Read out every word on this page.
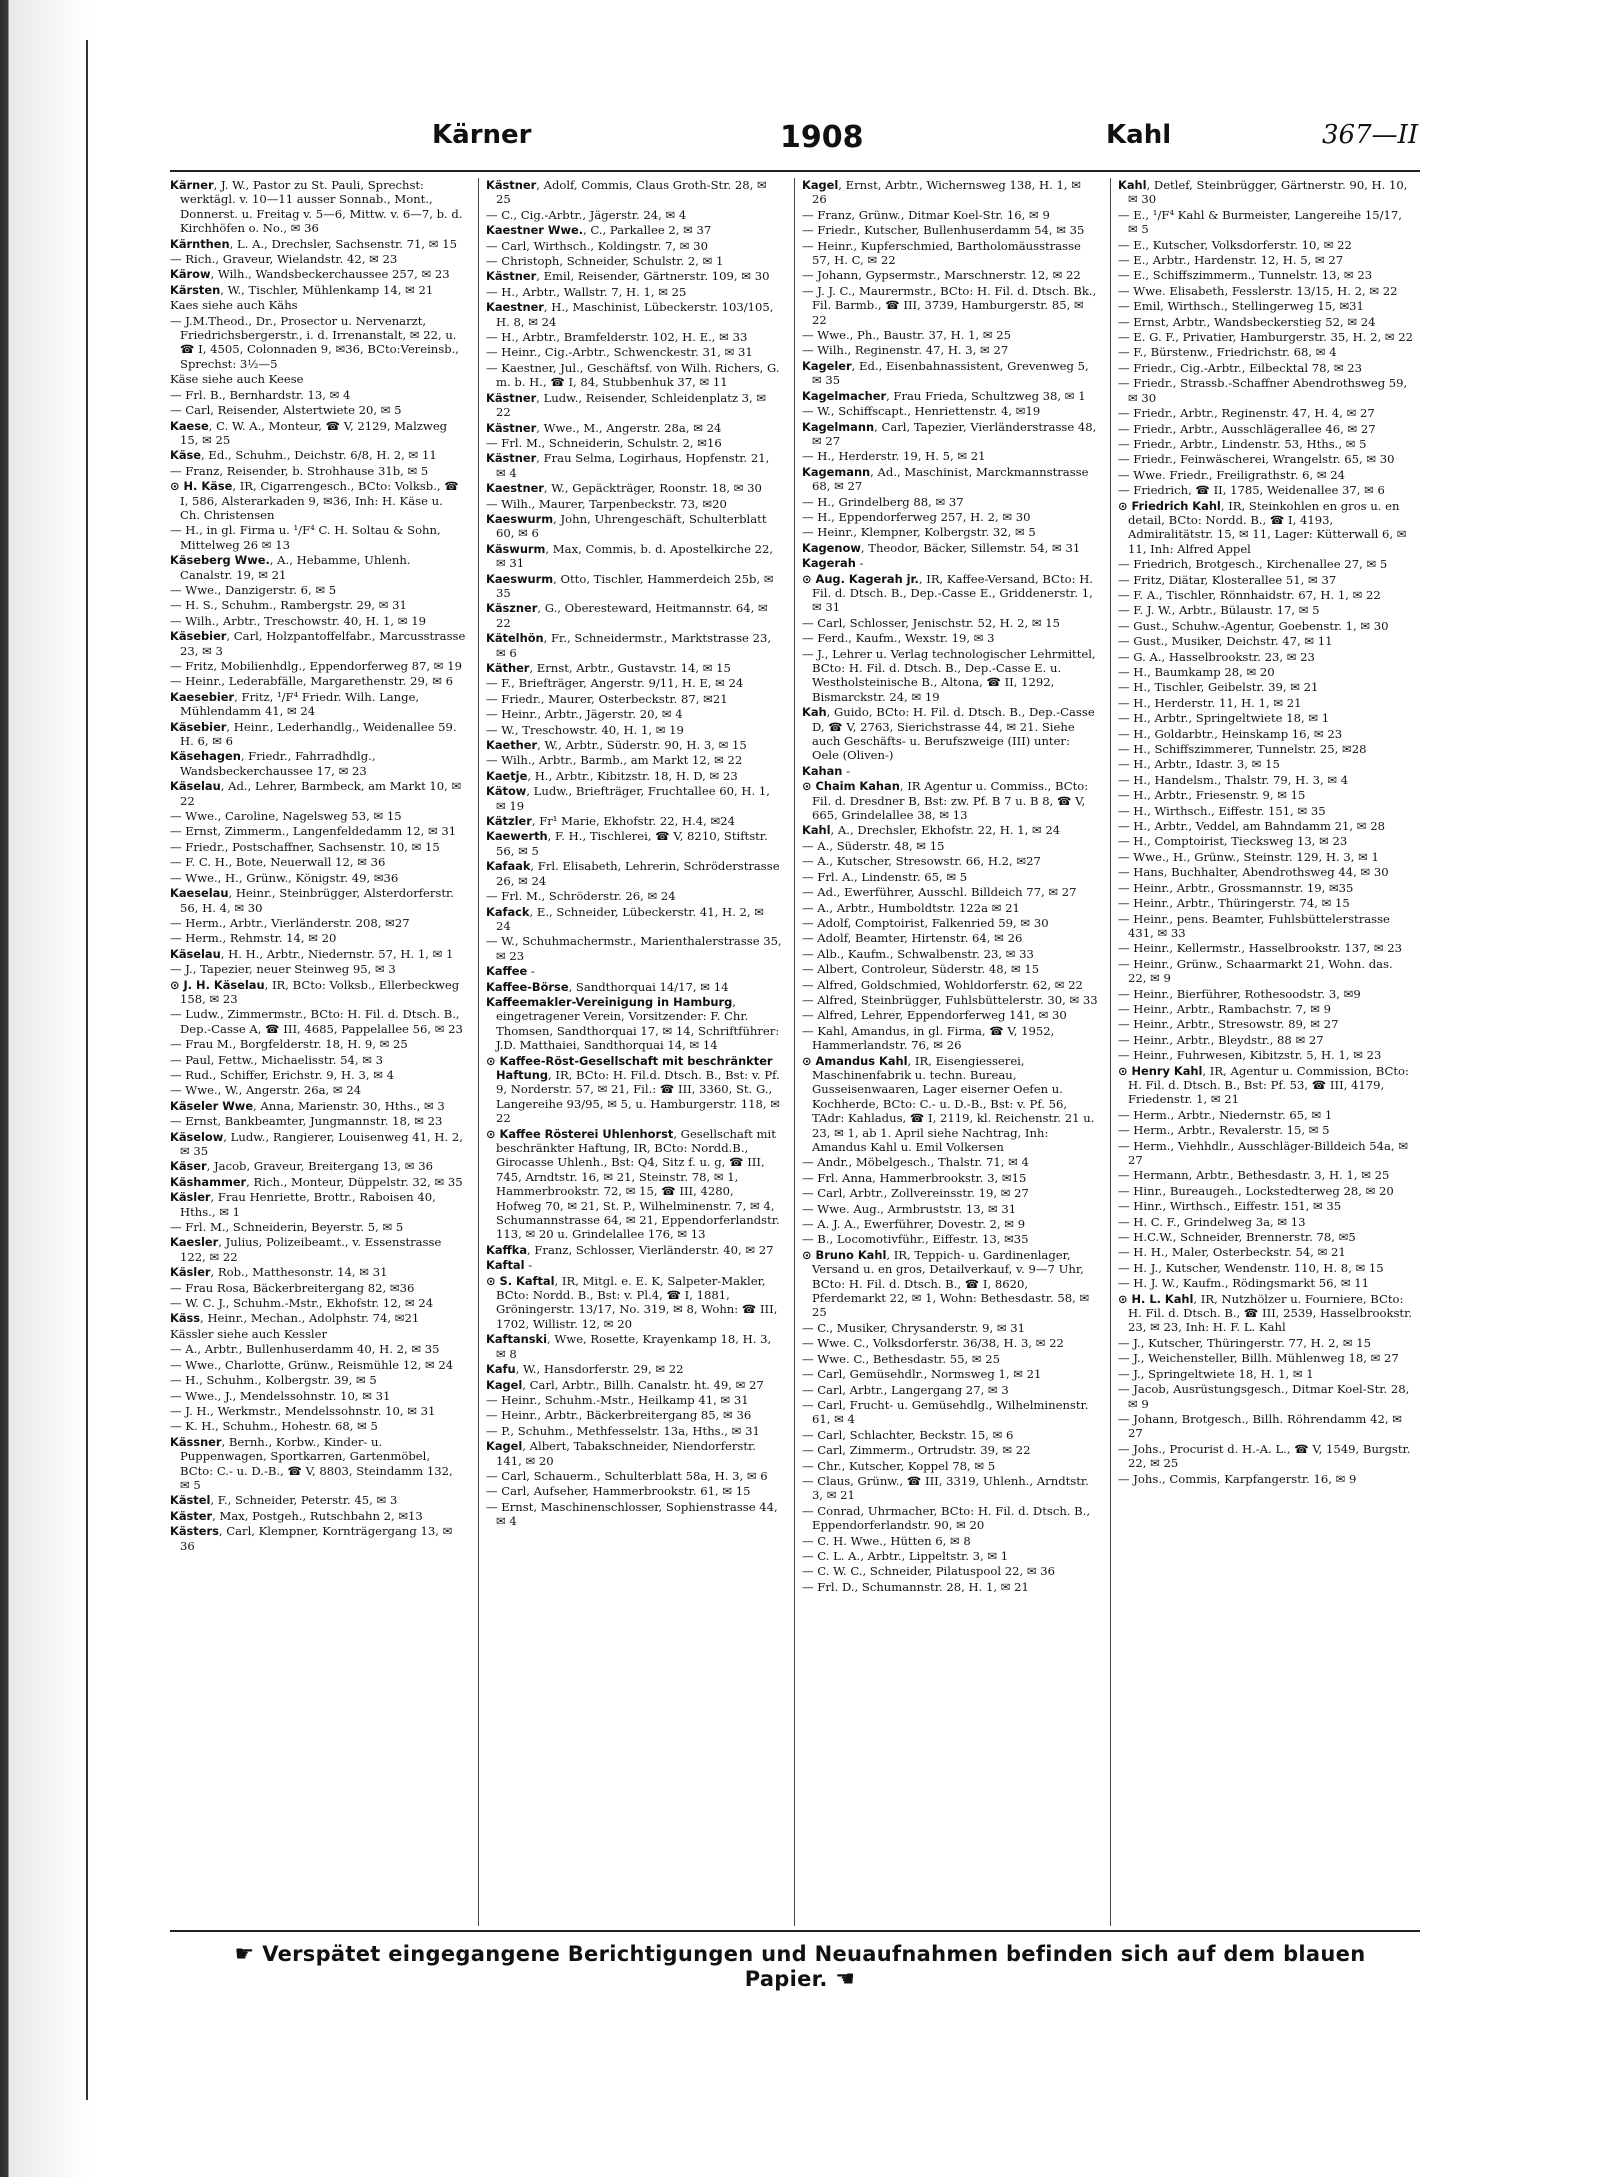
Kärner	1908	Kahl	367—II
Kärner, J. W., Pastor zu St. Pauli, Sprechst: werktägl. v. 10—11 ausser Sonnab., Mont., Donnerst. u. Freitag v. 5—6, Mittw. v. 6—7, b. d. Kirchhöfen o. No., ✉ 36
Kärnthen, L. A., Drechsler, Sachsenstr. 71, ✉ 15
— Rich., Graveur, Wielandstr. 42, ✉ 23
Kärow, Wilh., Wandsbeckerchaussee 257, ✉ 23
Kärsten, W., Tischler, Mühlenkamp 14, ✉ 21
Kaes siehe auch Kähs
— J.M.Theod., Dr., Prosector u. Nervenarzt, Friedrichsbergerstr., i. d. Irrenanstalt, ✉ 22, u. ☎ I, 4505, Colonnaden 9, ✉36, BCto:Vereinsb., Sprechst: 3½—5
Käse siehe auch Keese
— Frl. B., Bernhardstr. 13, ✉ 4
— Carl, Reisender, Alstertwiete 20, ✉ 5
Kaese, C. W. A., Monteur, ☎ V, 2129, Malzweg 15, ✉ 25
Käse, Ed., Schuhm., Deichstr. 6/8, H. 2, ✉ 11
— Franz, Reisender, b. Strohhause 31b, ✉ 5
⊙ H. Käse, IR, Cigarrengesch., BCto: Volksb., ☎ I, 586, Alsterarkaden 9, ✉36, Inh: H. Käse u. Ch. Christensen
— H., in gl. Firma u. ¹/F⁴ C. H. Soltau & Sohn, Mittelweg 26 ✉ 13
Käseberg Wwe., A., Hebamme, Uhlenh. Canalstr. 19, ✉ 21
— Wwe., Danzigerstr. 6, ✉ 5
— H. S., Schuhm., Rambergstr. 29, ✉ 31
— Wilh., Arbtr., Treschowstr. 40, H. 1, ✉ 19
Käsebier, Carl, Holzpantoffelfabr., Marcusstrasse 23, ✉ 3
— Fritz, Mobilienhdlg., Eppendorferweg 87, ✉ 19
— Heinr., Lederabfälle, Margarethenstr. 29, ✉ 6
Kaesebier, Fritz, ¹/F⁴ Friedr. Wilh. Lange, Mühlendamm 41, ✉ 24
Käsebier, Heinr., Lederhandlg., Weidenallee 59. H. 6, ✉ 6
Käsehagen, Friedr., Fahrradhdlg., Wandsbeckerchaussee 17, ✉ 23
Käselau, Ad., Lehrer, Barmbeck, am Markt 10, ✉ 22
— Wwe., Caroline, Nagelsweg 53, ✉ 15
— Ernst, Zimmerm., Langenfeldedamm 12, ✉ 31
— Friedr., Postschaffner, Sachsenstr. 10, ✉ 15
— F. C. H., Bote, Neuerwall 12, ✉ 36
— Wwe., H., Grünw., Königstr. 49, ✉36
Kaeselau, Heinr., Steinbrügger, Alsterdorferstr. 56, H. 4, ✉ 30
— Herm., Arbtr., Vierländerstr. 208, ✉27
— Herm., Rehmstr. 14, ✉ 20
Käselau, H. H., Arbtr., Niedernstr. 57, H. 1, ✉ 1
— J., Tapezier, neuer Steinweg 95, ✉ 3
⊙ J. H. Käselau, IR, BCto: Volksb., Ellerbeckweg 158, ✉ 23
— Ludw., Zimmermstr., BCto: H. Fil. d. Dtsch. B., Dep.-Casse A, ☎ III, 4685, Pappelallee 56, ✉ 23
— Frau M., Borgfelderstr. 18, H. 9, ✉ 25
— Paul, Fettw., Michaelisstr. 54, ✉ 3
— Rud., Schiffer, Erichstr. 9, H. 3, ✉ 4
— Wwe., W., Angerstr. 26a, ✉ 24
Käseler Wwe, Anna, Marienstr. 30, Hths., ✉ 3
— Ernst, Bankbeamter, Jungmannstr. 18, ✉ 23
Käselow, Ludw., Rangierer, Louisenweg 41, H. 2, ✉ 35
Käser, Jacob, Graveur, Breitergang 13, ✉ 36
Käshammer, Rich., Monteur, Düppelstr. 32, ✉ 35
Käsler, Frau Henriette, Brottr., Raboisen 40, Hths., ✉ 1
— Frl. M., Schneiderin, Beyerstr. 5, ✉ 5
Kaesler, Julius, Polizeibeamt., v. Essenstrasse 122, ✉ 22
Käsler, Rob., Matthesonstr. 14, ✉ 31
— Frau Rosa, Bäckerbreitergang 82, ✉36
— W. C. J., Schuhm.-Mstr., Ekhofstr. 12, ✉ 24
Käss, Heinr., Mechan., Adolphstr. 74, ✉21
Kässler siehe auch Kessler
— A., Arbtr., Bullenhuserdamm 40, H. 2, ✉ 35
— Wwe., Charlotte, Grünw., Reismühle 12, ✉ 24
— H., Schuhm., Kolbergstr. 39, ✉ 5
— Wwe., J., Mendelssohnstr. 10, ✉ 31
— J. H., Werkmstr., Mendelssohnstr. 10, ✉ 31
— K. H., Schuhm., Hohestr. 68, ✉ 5
Kässner, Bernh., Korbw., Kinder- u. Puppenwagen, Sportkarren, Gartenmöbel, BCto: C.- u. D.-B., ☎ V, 8803, Steindamm 132, ✉ 5
Kästel, F., Schneider, Peterstr. 45, ✉ 3
Käster, Max, Postgeh., Rutschbahn 2, ✉13
Kästers, Carl, Klempner, Kornträgergang 13, ✉ 36
Kästner, Adolf, Commis, Claus Groth-Str. 28, ✉ 25
— C., Cig.-Arbtr., Jägerstr. 24, ✉ 4
Kaestner Wwe., C., Parkallee 2, ✉ 37
— Carl, Wirthsch., Koldingstr. 7, ✉ 30
— Christoph, Schneider, Schulstr. 2, ✉ 1
Kästner, Emil, Reisender, Gärtnerstr. 109, ✉ 30
— H., Arbtr., Wallstr. 7, H. 1, ✉ 25
Kaestner, H., Maschinist, Lübeckerstr. 103/105, H. 8, ✉ 24
— H., Arbtr., Bramfelderstr. 102, H. E., ✉ 33
— Heinr., Cig.-Arbtr., Schwenckestr. 31, ✉ 31
— Kaestner, Jul., Geschäftsf. von Wilh. Richers, G. m. b. H., ☎ I, 84, Stubbenhuk 37, ✉ 11
Kästner, Ludw., Reisender, Schleidenplatz 3, ✉ 22
Kästner, Wwe., M., Angerstr. 28a, ✉ 24
— Frl. M., Schneiderin, Schulstr. 2, ✉16
Kästner, Frau Selma, Logirhaus, Hopfenstr. 21, ✉ 4
Kaestner, W., Gepäckträger, Roonstr. 18, ✉ 30
— Wilh., Maurer, Tarpenbeckstr. 73, ✉20
Kaeswurm, John, Uhrengeschäft, Schulterblatt 60, ✉ 6
Käswurm, Max, Commis, b. d. Apostelkirche 22, ✉ 31
Kaeswurm, Otto, Tischler, Hammerdeich 25b, ✉ 35
Käszner, G., Oberesteward, Heitmannstr. 64, ✉ 22
Kätelhön, Fr., Schneidermstr., Marktstrasse 23, ✉ 6
Käther, Ernst, Arbtr., Gustavstr. 14, ✉ 15
— F., Briefträger, Angerstr. 9/11, H. E, ✉ 24
— Friedr., Maurer, Osterbeckstr. 87, ✉21
— Heinr., Arbtr., Jägerstr. 20, ✉ 4
— W., Treschowstr. 40, H. 1, ✉ 19
Kaether, W., Arbtr., Süderstr. 90, H. 3, ✉ 15
— Wilh., Arbtr., Barmb., am Markt 12, ✉ 22
Kaetje, H., Arbtr., Kibitzstr. 18, H. D, ✉ 23
Kätow, Ludw., Briefträger, Fruchtallee 60, H. 1, ✉ 19
Kätzler, Fr¹ Marie, Ekhofstr. 22, H.4, ✉24
Kaewerth, F. H., Tischlerei, ☎ V, 8210, Stiftstr. 56, ✉ 5
Kafaak, Frl. Elisabeth, Lehrerin, Schröderstrasse 26, ✉ 24
— Frl. M., Schröderstr. 26, ✉ 24
Kafack, E., Schneider, Lübeckerstr. 41, H. 2, ✉ 24
— W., Schuhmachermstr., Marienthalerstrasse 35, ✉ 23
Kaffee -
Kaffee-Börse, Sandthorquai 14/17, ✉ 14
Kaffeemakler-Vereinigung in Hamburg, eingetragener Verein, Vorsitzender: F. Chr. Thomsen, Sandthorquai 17, ✉ 14, Schriftführer: J.D. Matthaiei, Sandthorquai 14, ✉ 14
⊙ Kaffee-Röst-Gesellschaft mit beschränkter Haftung, IR, BCto: H. Fil.d. Dtsch. B., Bst: v. Pf. 9, Norderstr. 57, ✉ 21, Fil.: ☎ III, 3360, St. G., Langereihe 93/95, ✉ 5, u. Hamburgerstr. 118, ✉ 22
⊙ Kaffee Rösterei Uhlenhorst, Gesellschaft mit beschränkter Haftung, IR, BCto: Nordd.B., Girocasse Uhlenh., Bst: Q4, Sitz f. u. g, ☎ III, 745, Arndtstr. 16, ✉ 21, Steinstr. 78, ✉ 1, Hammerbrookstr. 72, ✉ 15, ☎ III, 4280, Hofweg 70, ✉ 21, St. P., Wilhelminenstr. 7, ✉ 4, Schumannstrasse 64, ✉ 21, Eppendorferlandstr. 113, ✉ 20 u. Grindelallee 176, ✉ 13
Kaffka, Franz, Schlosser, Vierländerstr. 40, ✉ 27
Kaftal -
⊙ S. Kaftal, IR, Mitgl. e. E. K, Salpeter-Makler, BCto: Nordd. B., Bst: v. Pl.4, ☎ I, 1881, Gröningerstr. 13/17, No. 319, ✉ 8, Wohn: ☎ III, 1702, Willistr. 12, ✉ 20
Kaftanski, Wwe, Rosette, Krayenkamp 18, H. 3, ✉ 8
Kafu, W., Hansdorferstr. 29, ✉ 22
Kagel, Carl, Arbtr., Billh. Canalstr. ht. 49, ✉ 27
— Heinr., Schuhm.-Mstr., Heilkamp 41, ✉ 31
— Heinr., Arbtr., Bäckerbreitergang 85, ✉ 36
— P., Schuhm., Methfesselstr. 13a, Hths., ✉ 31
Kagel, Albert, Tabakschneider, Niendorferstr. 141, ✉ 20
— Carl, Schauerm., Schulterblatt 58a, H. 3, ✉ 6
— Carl, Aufseher, Hammerbrookstr. 61, ✉ 15
— Ernst, Maschinenschlosser, Sophienstrasse 44, ✉ 4
Kagel, Ernst, Arbtr., Wichernsweg 138, H. 1, ✉ 26
— Franz, Grünw., Ditmar Koel-Str. 16, ✉ 9
— Friedr., Kutscher, Bullenhuserdamm 54, ✉ 35
— Heinr., Kupferschmied, Bartholomäusstrasse 57, H. C, ✉ 22
— Johann, Gypsermstr., Marschnerstr. 12, ✉ 22
— J. J. C., Maurermstr., BCto: H. Fil. d. Dtsch. Bk., Fil. Barmb., ☎ III, 3739, Hamburgerstr. 85, ✉ 22
— Wwe., Ph., Baustr. 37, H. 1, ✉ 25
— Wilh., Reginenstr. 47, H. 3, ✉ 27
Kageler, Ed., Eisenbahnassistent, Grevenweg 5, ✉ 35
Kagelmacher, Frau Frieda, Schultzweg 38, ✉ 1
— W., Schiffscapt., Henriettenstr. 4, ✉19
Kagelmann, Carl, Tapezier, Vierländerstrasse 48, ✉ 27
— H., Herderstr. 19, H. 5, ✉ 21
Kagemann, Ad., Maschinist, Marckmannstrasse 68, ✉ 27
— H., Grindelberg 88, ✉ 37
— H., Eppendorferweg 257, H. 2, ✉ 30
— Heinr., Klempner, Kolbergstr. 32, ✉ 5
Kagenow, Theodor, Bäcker, Sillemstr. 54, ✉ 31
Kagerah -
⊙ Aug. Kagerah jr., IR, Kaffee-Versand, BCto: H. Fil. d. Dtsch. B., Dep.-Casse E., Griddenerstr. 1, ✉ 31
— Carl, Schlosser, Jenischstr. 52, H. 2, ✉ 15
— Ferd., Kaufm., Wexstr. 19, ✉ 3
— J., Lehrer u. Verlag technologischer Lehrmittel, BCto: H. Fil. d. Dtsch. B., Dep.-Casse E. u. Westholsteinische B., Altona, ☎ II, 1292, Bismarckstr. 24, ✉ 19
Kah, Guido, BCto: H. Fil. d. Dtsch. B., Dep.-Casse D, ☎ V, 2763, Sierichstrasse 44, ✉ 21. Siehe auch Geschäfts- u. Berufszweige (III) unter: Oele (Oliven-)
Kahan -
⊙ Chaim Kahan, IR Agentur u. Commiss., BCto: Fil. d. Dresdner B, Bst: zw. Pf. B 7 u. B 8, ☎ V, 665, Grindelallee 38, ✉ 13
Kahl, A., Drechsler, Ekhofstr. 22, H. 1, ✉ 24
— A., Süderstr. 48, ✉ 15
— A., Kutscher, Stresowstr. 66, H.2, ✉27
— Frl. A., Lindenstr. 65, ✉ 5
— Ad., Ewerführer, Ausschl. Billdeich 77, ✉ 27
— A., Arbtr., Humboldtstr. 122a ✉ 21
— Adolf, Comptoirist, Falkenried 59, ✉ 30
— Adolf, Beamter, Hirtenstr. 64, ✉ 26
— Alb., Kaufm., Schwalbenstr. 23, ✉ 33
— Albert, Controleur, Süderstr. 48, ✉ 15
— Alfred, Goldschmied, Wohldorferstr. 62, ✉ 22
— Alfred, Steinbrügger, Fuhlsbüttelerstr. 30, ✉ 33
— Alfred, Lehrer, Eppendorferweg 141, ✉ 30
— Kahl, Amandus, in gl. Firma, ☎ V, 1952, Hammerlandstr. 76, ✉ 26
⊙ Amandus Kahl, IR, Eisengiesserei, Maschinenfabrik u. techn. Bureau, Gusseisenwaaren, Lager eiserner Oefen u. Kochherde, BCto: C.- u. D.-B., Bst: v. Pf. 56, TAdr: Kahladus, ☎ I, 2119, kl. Reichenstr. 21 u. 23, ✉ 1, ab 1. April siehe Nachtrag, Inh: Amandus Kahl u. Emil Volkersen
— Andr., Möbelgesch., Thalstr. 71, ✉ 4
— Frl. Anna, Hammerbrookstr. 3, ✉15
— Carl, Arbtr., Zollvereinsstr. 19, ✉ 27
— Wwe. Aug., Armbruststr. 13, ✉ 31
— A. J. A., Ewerführer, Dovestr. 2, ✉ 9
— B., Locomotivführ., Eiffestr. 13, ✉35
⊙ Bruno Kahl, IR, Teppich- u. Gardinenlager, Versand u. en gros, Detailverkauf, v. 9—7 Uhr, BCto: H. Fil. d. Dtsch. B., ☎ I, 8620, Pferdemarkt 22, ✉ 1, Wohn: Bethesdastr. 58, ✉ 25
— C., Musiker, Chrysanderstr. 9, ✉ 31
— Wwe. C., Volksdorferstr. 36/38, H. 3, ✉ 22
— Wwe. C., Bethesdastr. 55, ✉ 25
— Carl, Gemüsehdlr., Normsweg 1, ✉ 21
— Carl, Arbtr., Langergang 27, ✉ 3
— Carl, Frucht- u. Gemüsehdlg., Wilhelminenstr. 61, ✉ 4
— Carl, Schlachter, Beckstr. 15, ✉ 6
— Carl, Zimmerm., Ortrudstr. 39, ✉ 22
— Chr., Kutscher, Koppel 78, ✉ 5
— Claus, Grünw., ☎ III, 3319, Uhlenh., Arndtstr. 3, ✉ 21
— Conrad, Uhrmacher, BCto: H. Fil. d. Dtsch. B., Eppendorferlandstr. 90, ✉ 20
— C. H. Wwe., Hütten 6, ✉ 8
— C. L. A., Arbtr., Lippeltstr. 3, ✉ 1
— C. W. C., Schneider, Pilatuspool 22, ✉ 36
— Frl. D., Schumannstr. 28, H. 1, ✉ 21
Kahl, Detlef, Steinbrügger, Gärtnerstr. 90, H. 10, ✉ 30
— E., ¹/F⁴ Kahl & Burmeister, Langereihe 15/17, ✉ 5
— E., Kutscher, Volksdorferstr. 10, ✉ 22
— E., Arbtr., Hardenstr. 12, H. 5, ✉ 27
— E., Schiffszimmerm., Tunnelstr. 13, ✉ 23
— Wwe. Elisabeth, Fesslerstr. 13/15, H. 2, ✉ 22
— Emil, Wirthsch., Stellingerweg 15, ✉31
— Ernst, Arbtr., Wandsbeckerstieg 52, ✉ 24
— E. G. F., Privatier, Hamburgerstr. 35, H. 2, ✉ 22
— F., Bürstenw., Friedrichstr. 68, ✉ 4
— Friedr., Cig.-Arbtr., Eilbecktal 78, ✉ 23
— Friedr., Strassb.-Schaffner Abendrothsweg 59, ✉ 30
— Friedr., Arbtr., Reginenstr. 47, H. 4, ✉ 27
— Friedr., Arbtr., Ausschlägerallee 46, ✉ 27
— Friedr., Arbtr., Lindenstr. 53, Hths., ✉ 5
— Friedr., Feinwäscherei, Wrangelstr. 65, ✉ 30
— Wwe. Friedr., Freiligrathstr. 6, ✉ 24
— Friedrich, ☎ II, 1785, Weidenallee 37, ✉ 6
⊙ Friedrich Kahl, IR, Steinkohlen en gros u. en detail, BCto: Nordd. B., ☎ I, 4193, Admiralitätstr. 15, ✉ 11, Lager: Kütterwall 6, ✉ 11, Inh: Alfred Appel
— Friedrich, Brotgesch., Kirchenallee 27, ✉ 5
— Fritz, Diätar, Klosterallee 51, ✉ 37
— F. A., Tischler, Rönnhaidstr. 67, H. 1, ✉ 22
— F. J. W., Arbtr., Bülaustr. 17, ✉ 5
— Gust., Schuhw.-Agentur, Goebenstr. 1, ✉ 30
— Gust., Musiker, Deichstr. 47, ✉ 11
— G. A., Hasselbrookstr. 23, ✉ 23
— H., Baumkamp 28, ✉ 20
— H., Tischler, Geibelstr. 39, ✉ 21
— H., Herderstr. 11, H. 1, ✉ 21
— H., Arbtr., Springeltwiete 18, ✉ 1
— H., Goldarbtr., Heinskamp 16, ✉ 23
— H., Schiffszimmerer, Tunnelstr. 25, ✉28
— H., Arbtr., Idastr. 3, ✉ 15
— H., Handelsm., Thalstr. 79, H. 3, ✉ 4
— H., Arbtr., Friesenstr. 9, ✉ 15
— H., Wirthsch., Eiffestr. 151, ✉ 35
— H., Arbtr., Veddel, am Bahndamm 21, ✉ 28
— H., Comptoirist, Tiecksweg 13, ✉ 23
— Wwe., H., Grünw., Steinstr. 129, H. 3, ✉ 1
— Hans, Buchhalter, Abendrothsweg 44, ✉ 30
— Heinr., Arbtr., Grossmannstr. 19, ✉35
— Heinr., Arbtr., Thüringerstr. 74, ✉ 15
— Heinr., pens. Beamter, Fuhlsbüttelerstrasse 431, ✉ 33
— Heinr., Kellermstr., Hasselbrookstr. 137, ✉ 23
— Heinr., Grünw., Schaarmarkt 21, Wohn. das. 22, ✉ 9
— Heinr., Bierführer, Rothesoodstr. 3, ✉9
— Heinr., Arbtr., Rambachstr. 7, ✉ 9
— Heinr., Arbtr., Stresowstr. 89, ✉ 27
— Heinr., Arbtr., Bleydstr., 88 ✉ 27
— Heinr., Fuhrwesen, Kibitzstr. 5, H. 1, ✉ 23
⊙ Henry Kahl, IR, Agentur u. Commission, BCto: H. Fil. d. Dtsch. B., Bst: Pf. 53, ☎ III, 4179, Friedenstr. 1, ✉ 21
— Herm., Arbtr., Niedernstr. 65, ✉ 1
— Herm., Arbtr., Revalerstr. 15, ✉ 5
— Herm., Viehhdlr., Ausschläger-Billdeich 54a, ✉ 27
— Hermann, Arbtr., Bethesdastr. 3, H. 1, ✉ 25
— Hinr., Bureaugeh., Lockstedterweg 28, ✉ 20
— Hinr., Wirthsch., Eiffestr. 151, ✉ 35
— H. C. F., Grindelweg 3a, ✉ 13
— H.C.W., Schneider, Brennerstr. 78, ✉5
— H. H., Maler, Osterbeckstr. 54, ✉ 21
— H. J., Kutscher, Wendenstr. 110, H. 8, ✉ 15
— H. J. W., Kaufm., Rödingsmarkt 56, ✉ 11
⊙ H. L. Kahl, IR, Nutzhölzer u. Fourniere, BCto: H. Fil. d. Dtsch. B., ☎ III, 2539, Hasselbrookstr. 23, ✉ 23, Inh: H. F. L. Kahl
— J., Kutscher, Thüringerstr. 77, H. 2, ✉ 15
— J., Weichensteller, Billh. Mühlenweg 18, ✉ 27
— J., Springeltwiete 18, H. 1, ✉ 1
— Jacob, Ausrüstungsgesch., Ditmar Koel-Str. 28, ✉ 9
— Johann, Brotgesch., Billh. Röhrendamm 42, ✉ 27
— Johs., Procurist d. H.-A. L., ☎ V, 1549, Burgstr. 22, ✉ 25
— Johs., Commis, Karpfangerstr. 16, ✉ 9
☛ Verspätet eingegangene Berichtigungen und Neuaufnahmen befinden sich auf dem blauen Papier. ☚
